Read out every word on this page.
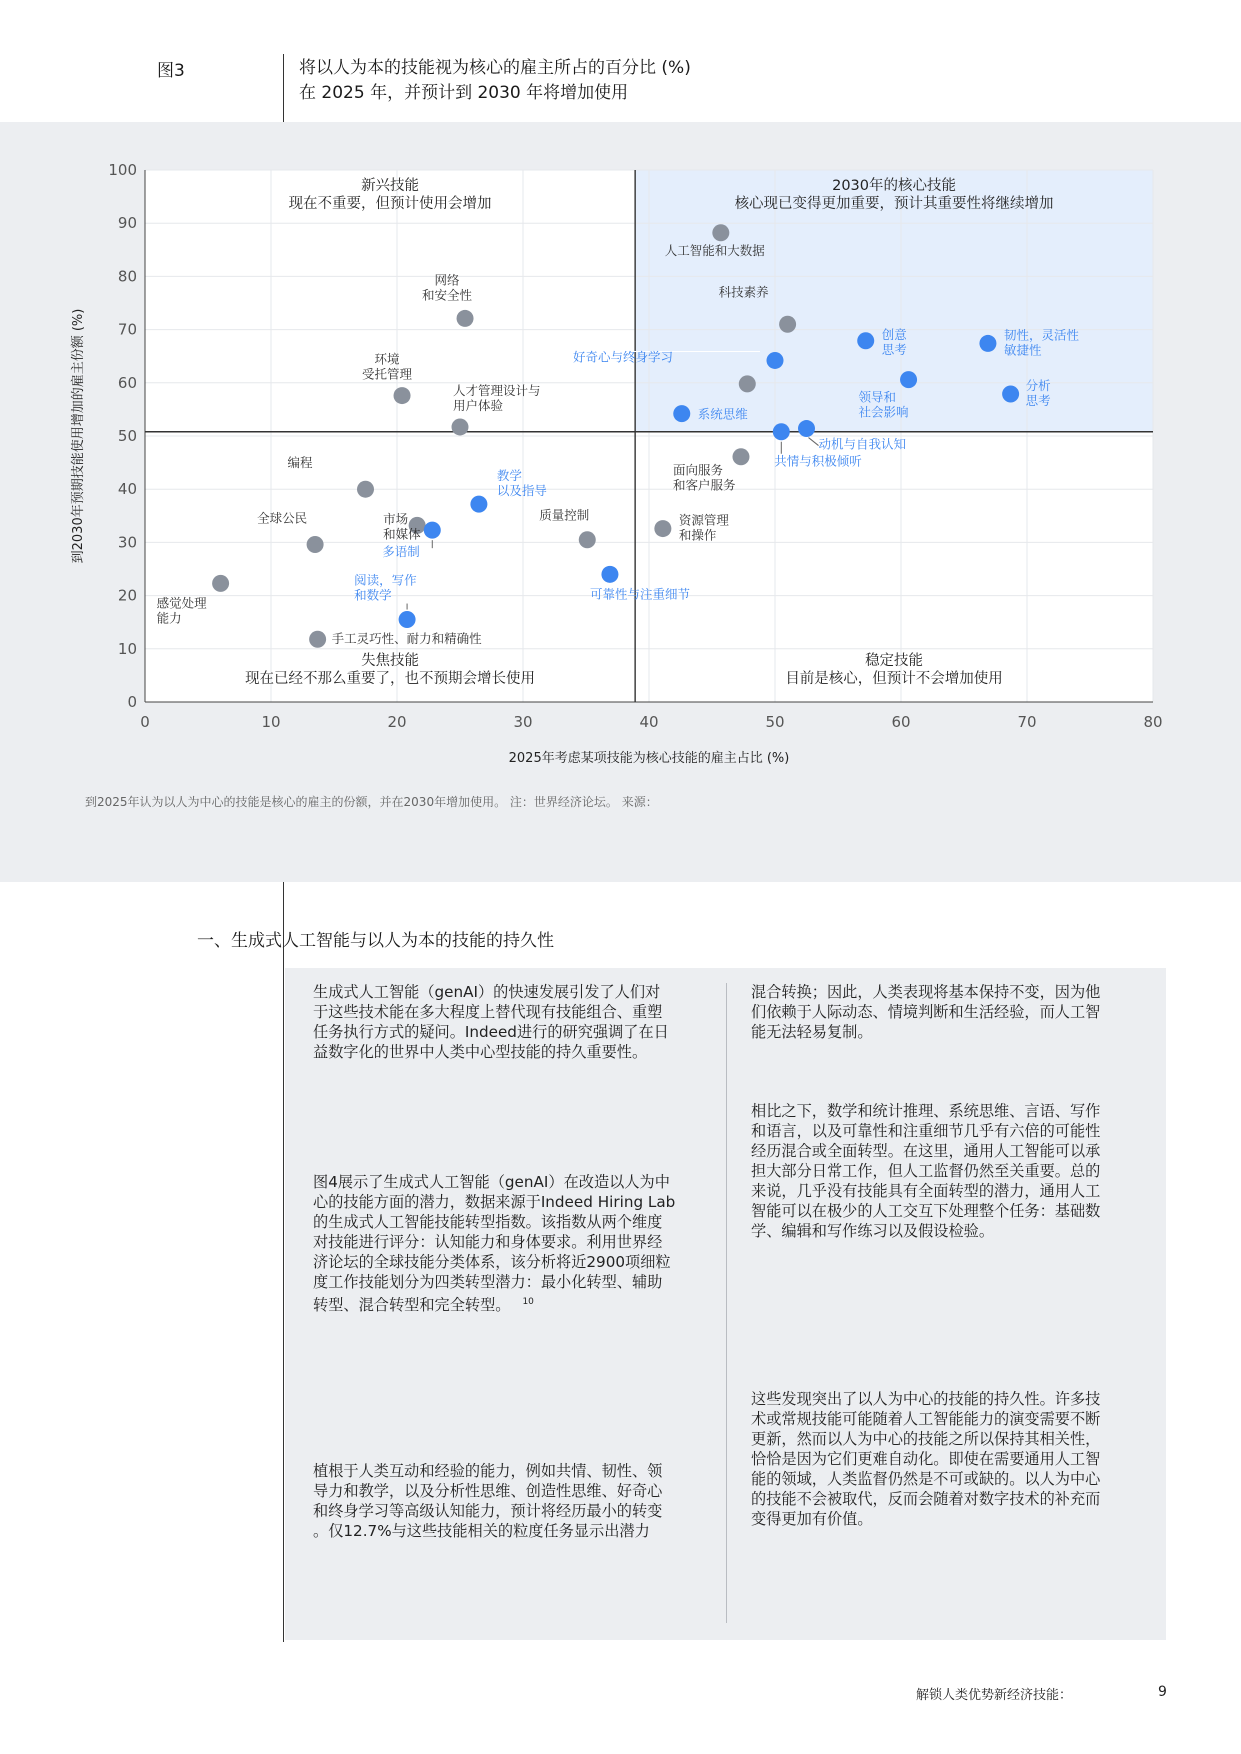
图3	将以人为本的技能视为核心的雇主所占的百分比 (%)
在 2025 年，并预计到 2030 年将增加使用
0
10
20
30
40
50
60
70
80
90
100
0	10	20	30	40	50	60	70	80
2025年考虑某项技能为核心技能的雇主占比 (%)
到2030年预期技能使用增加的雇主份额 (%)
新兴技能
现在不重要，但预计使用会增加
2030年的核心技能
核心现已变得更加重要，预计其重要性将继续增加
失焦技能
现在已经不那么重要了，也不预期会增长使用
稳定技能
目前是核心，但预计不会增加使用
人工智能和大数据
科技素养
网络
和安全性
环境
受托管理
人才管理设计与
用户体验
编程
市场
和媒体
全球公民
感觉处理
能力
手工灵巧性、耐力和精确性
质量控制	资源管理
和操作
面向服务
和客户服务
好奇心与终身学习
系统思维
创意
思考
韧性，灵活性
敏捷性
领导和
社会影响
分析
思考
共情与积极倾听
动机与自我认知
教学
以及指导
多语制
可靠性与注重细节
阅读，写作
和数学
到2025年认为以人为中心的技能是核心的雇主的份额，并在2030年增加使用。 注：世界经济论坛。 来源：
一、生成式人工智能与以人为本的技能的持久性
生成式人工智能（genAI）的快速发展引发了人们对
于这些技术能在多大程度上替代现有技能组合、重塑
任务执行方式的疑问。Indeed进行的研究强调了在日
益数字化的世界中人类中心型技能的持久重要性。
图4展示了生成式人工智能（genAI）在改造以人为中
心的技能方面的潜力，数据来源于Indeed Hiring Lab
的生成式人工智能技能转型指数。该指数从两个维度
对技能进行评分：认知能力和身体要求。利用世界经
济论坛的全球技能分类体系，该分析将近2900项细粒
度工作技能划分为四类转型潜力：最小化转型、辅助
转型、混合转型和完全转型。 $^{10}$
植根于人类互动和经验的能力，例如共情、韧性、领
导力和教学，以及分析性思维、创造性思维、好奇心
和终身学习等高级认知能力，预计将经历最小的转变
。仅12.7%与这些技能相关的粒度任务显示出潜力
混合转换；因此，人类表现将基本保持不变，因为他
们依赖于人际动态、情境判断和生活经验，而人工智
能无法轻易复制。
相比之下，数学和统计推理、系统思维、言语、写作
和语言，以及可靠性和注重细节几乎有六倍的可能性
经历混合或全面转型。在这里，通用人工智能可以承
担大部分日常工作，但人工监督仍然至关重要。总的
来说，几乎没有技能具有全面转型的潜力，通用人工
智能可以在极少的人工交互下处理整个任务：基础数
学、编辑和写作练习以及假设检验。
这些发现突出了以人为中心的技能的持久性。许多技
术或常规技能可能随着人工智能能力的演变需要不断
更新，然而以人为中心的技能之所以保持其相关性，
恰恰是因为它们更难自动化。即使在需要通用人工智
能的领域，人类监督仍然是不可或缺的。以人为中心
的技能不会被取代，反而会随着对数字技术的补充而
变得更加有价值。
解锁人类优势新经济技能：	9
